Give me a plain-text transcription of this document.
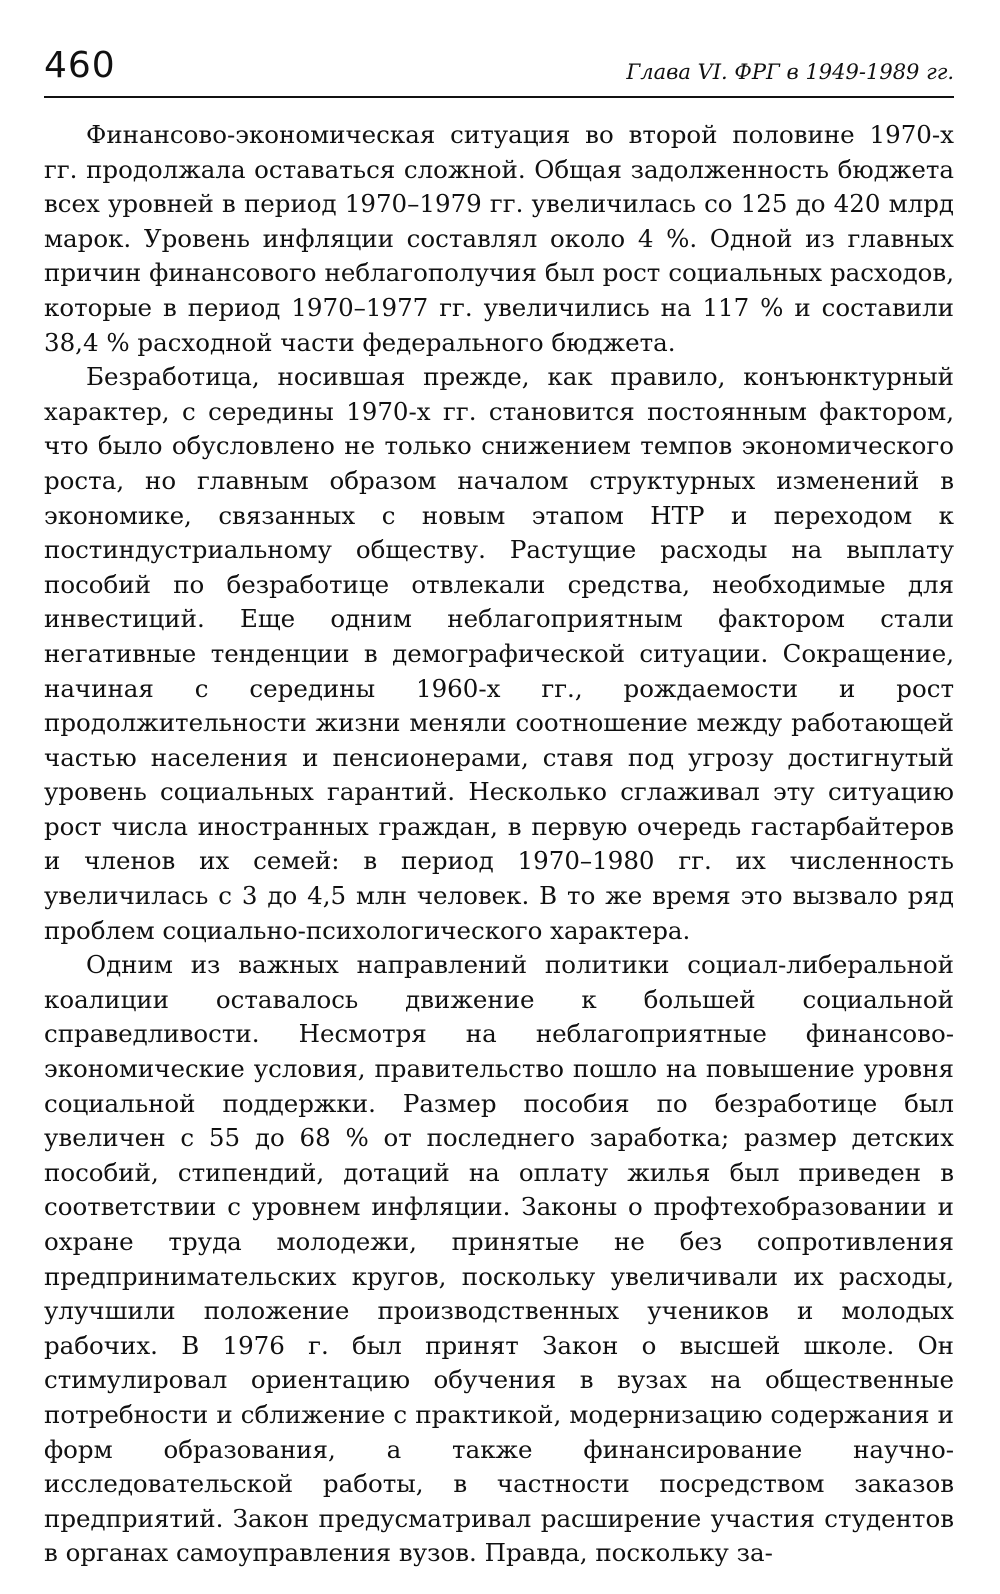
460	Глава VI. ФРГ в 1949-1989 гг.

Финансово-экономическая ситуация во второй половине 1970-х гг. продолжала оставаться сложной. Общая задолженность бюджета всех уровней в период 1970–1979 гг. увеличилась со 125 до 420 млрд марок. Уровень инфляции составлял около 4 %. Одной из главных причин финансового неблагополучия был рост социальных расходов, которые в период 1970–1977 гг. увеличились на 117 % и составили 38,4 % расходной части федерального бюджета.

Безработица, носившая прежде, как правило, конъюнктурный характер, с середины 1970-х гг. становится постоянным фактором, что было обусловлено не только снижением темпов экономического роста, но главным образом началом структурных изменений в экономике, связанных с новым этапом НТР и переходом к постиндустриальному обществу. Растущие расходы на выплату пособий по безработице отвлекали средства, необходимые для инвестиций. Еще одним неблагоприятным фактором стали негативные тенденции в демографической ситуации. Сокращение, начиная с середины 1960-х гг., рождаемости и рост продолжительности жизни меняли соотношение между работающей частью населения и пенсионерами, ставя под угрозу достигнутый уровень социальных гарантий. Несколько сглаживал эту ситуацию рост числа иностранных граждан, в первую очередь гастарбайтеров и членов их семей: в период 1970–1980 гг. их численность увеличилась с 3 до 4,5 млн человек. В то же время это вызвало ряд проблем социально-психологического характера.

Одним из важных направлений политики социал-либеральной коалиции оставалось движение к большей социальной справедливости. Несмотря на неблагоприятные финансово-экономические условия, правительство пошло на повышение уровня социальной поддержки. Размер пособия по безработице был увеличен с 55 до 68 % от последнего заработка; размер детских пособий, стипендий, дотаций на оплату жилья был приведен в соответствии с уровнем инфляции. Законы о профтехобразовании и охране труда молодежи, принятые не без сопротивления предпринимательских кругов, поскольку увеличивали их расходы, улучшили положение производственных учеников и молодых рабочих. В 1976 г. был принят Закон о высшей школе. Он стимулировал ориентацию обучения в вузах на общественные потребности и сближение с практикой, модернизацию содержания и форм образования, а также финансирование научно-исследовательской работы, в частности посредством заказов предприятий. Закон предусматривал расширение участия студентов в органах самоуправления вузов. Правда, поскольку за-
